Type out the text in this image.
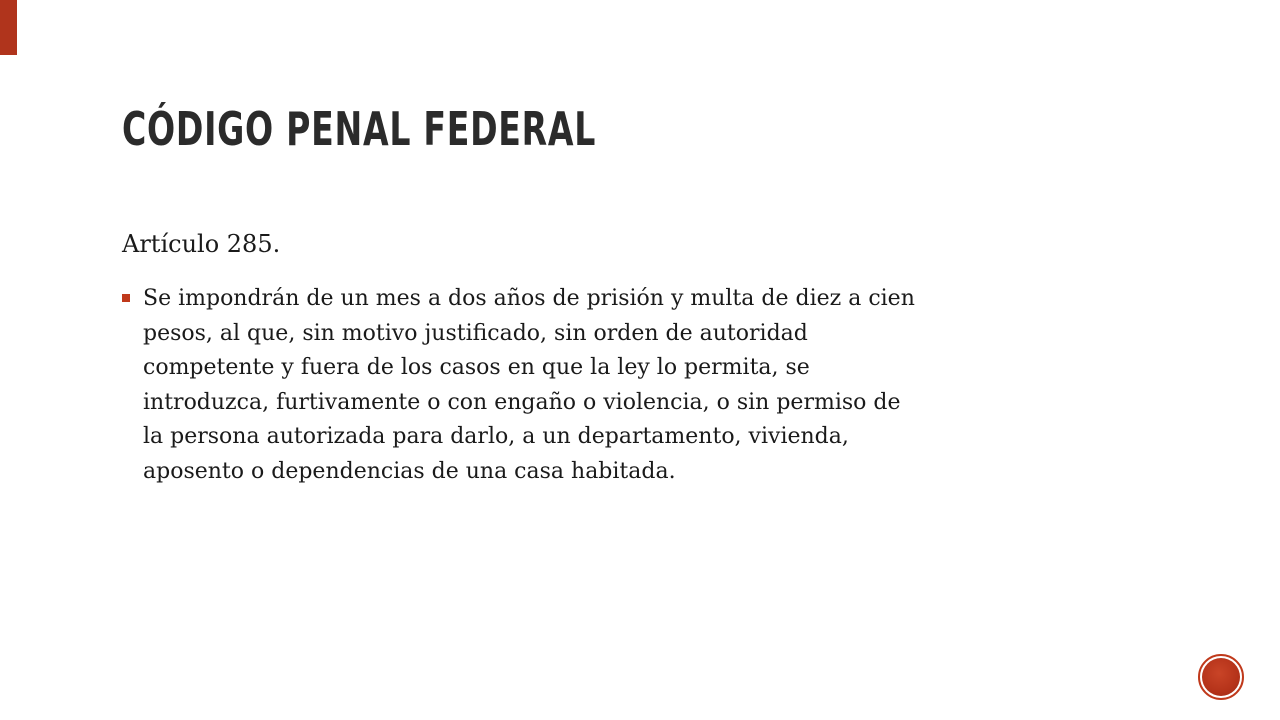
CÓDIGO PENAL FEDERAL

Artículo 285.

Se impondrán de un mes a dos años de prisión y multa de diez a cien
pesos, al que, sin motivo justificado, sin orden de autoridad
competente y fuera de los casos en que la ley lo permita, se
introduzca, furtivamente o con engaño o violencia, o sin permiso de
la persona autorizada para darlo, a un departamento, vivienda,
aposento o dependencias de una casa habitada.
